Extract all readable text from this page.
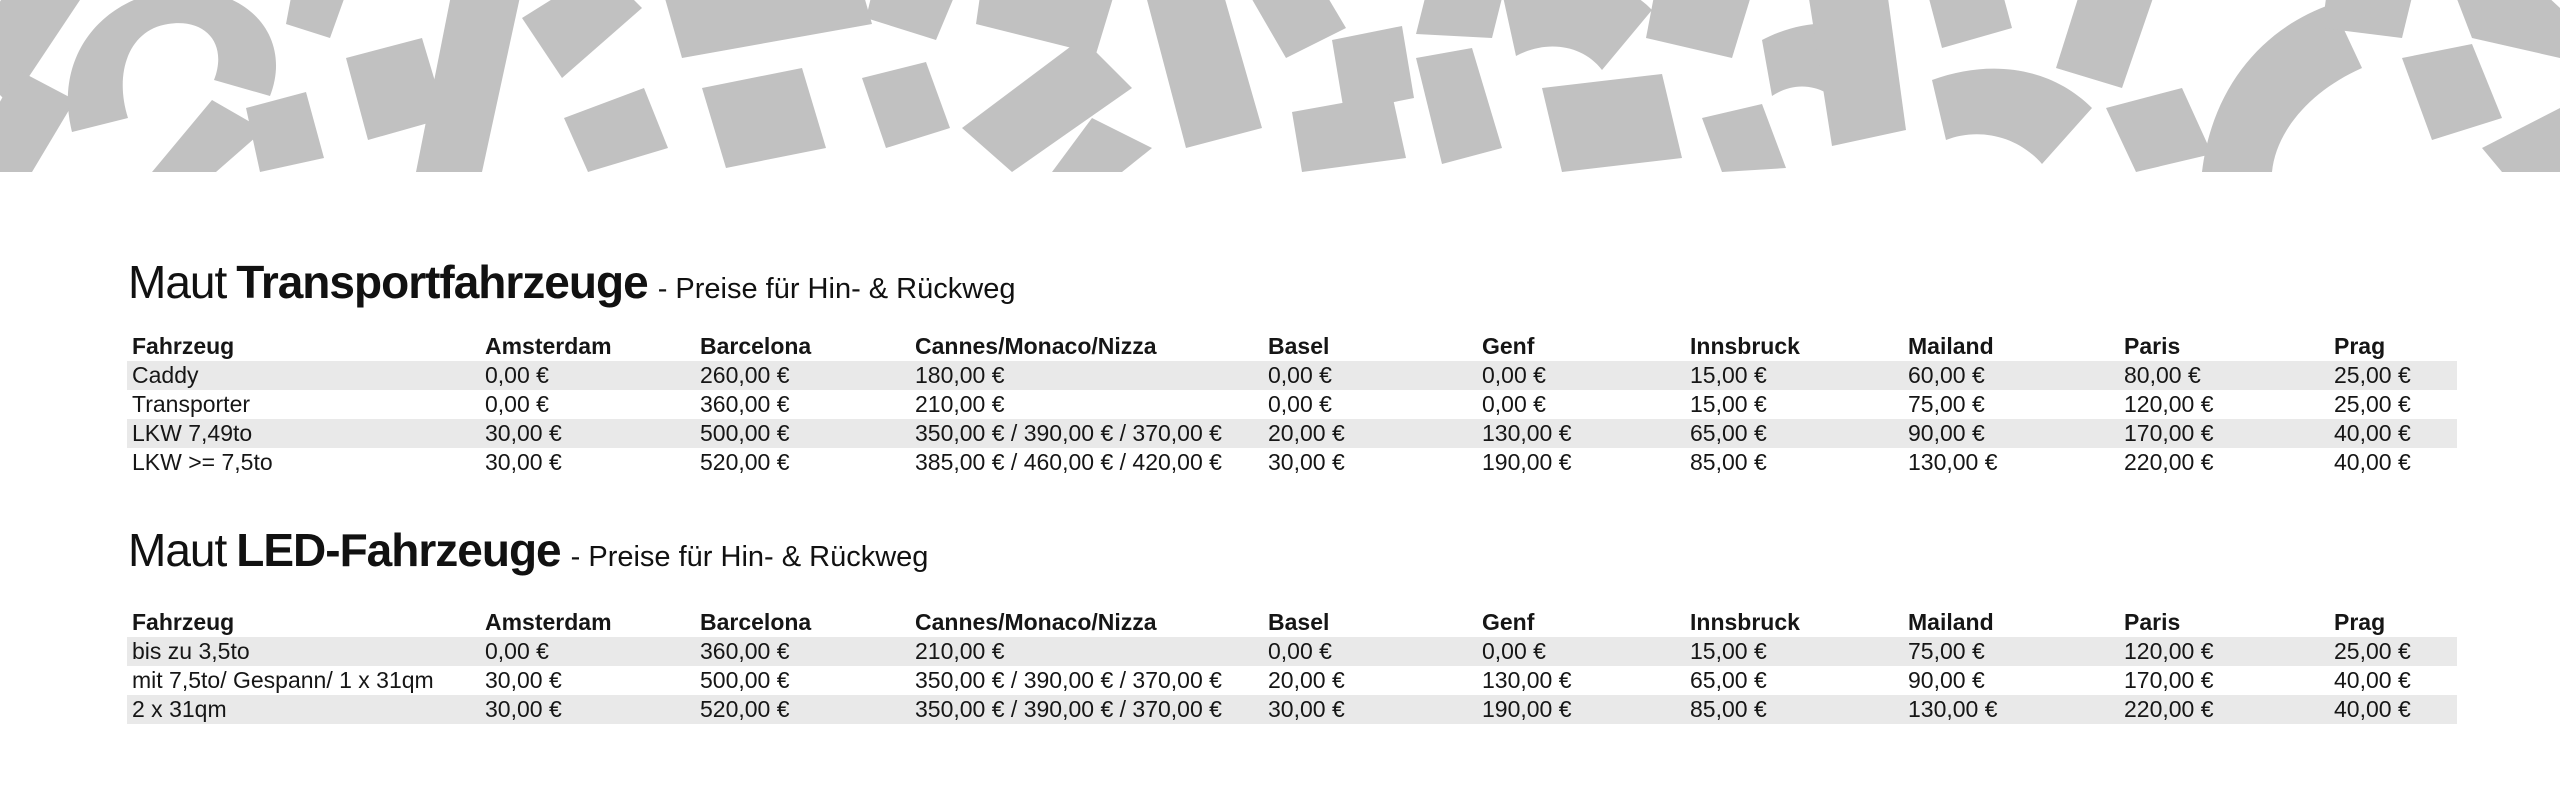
Maut Transportfahrzeuge - Preise für Hin- & Rückweg
Fahrzeug	Amsterdam	Barcelona	Cannes/Monaco/Nizza	Basel	Genf	Innsbruck	Mailand	Paris	Prag
Caddy	0,00 €	260,00 €	180,00 €	0,00 €	0,00 €	15,00 €	60,00 €	80,00 €	25,00 €
Transporter	0,00 €	360,00 €	210,00 €	0,00 €	0,00 €	15,00 €	75,00 €	120,00 €	25,00 €
LKW 7,49to	30,00 €	500,00 €	350,00 € / 390,00 € / 370,00 €	20,00 €	130,00 €	65,00 €	90,00 €	170,00 €	40,00 €
LKW >= 7,5to	30,00 €	520,00 €	385,00 € / 460,00 € / 420,00 €	30,00 €	190,00 €	85,00 €	130,00 €	220,00 €	40,00 €
Maut LED-Fahrzeuge - Preise für Hin- & Rückweg
Fahrzeug	Amsterdam	Barcelona	Cannes/Monaco/Nizza	Basel	Genf	Innsbruck	Mailand	Paris	Prag
bis zu 3,5to	0,00 €	360,00 €	210,00 €	0,00 €	0,00 €	15,00 €	75,00 €	120,00 €	25,00 €
mit 7,5to/ Gespann/ 1 x 31qm	30,00 €	500,00 €	350,00 € / 390,00 € / 370,00 €	20,00 €	130,00 €	65,00 €	90,00 €	170,00 €	40,00 €
2 x 31qm	30,00 €	520,00 €	350,00 € / 390,00 € / 370,00 €	30,00 €	190,00 €	85,00 €	130,00 €	220,00 €	40,00 €
